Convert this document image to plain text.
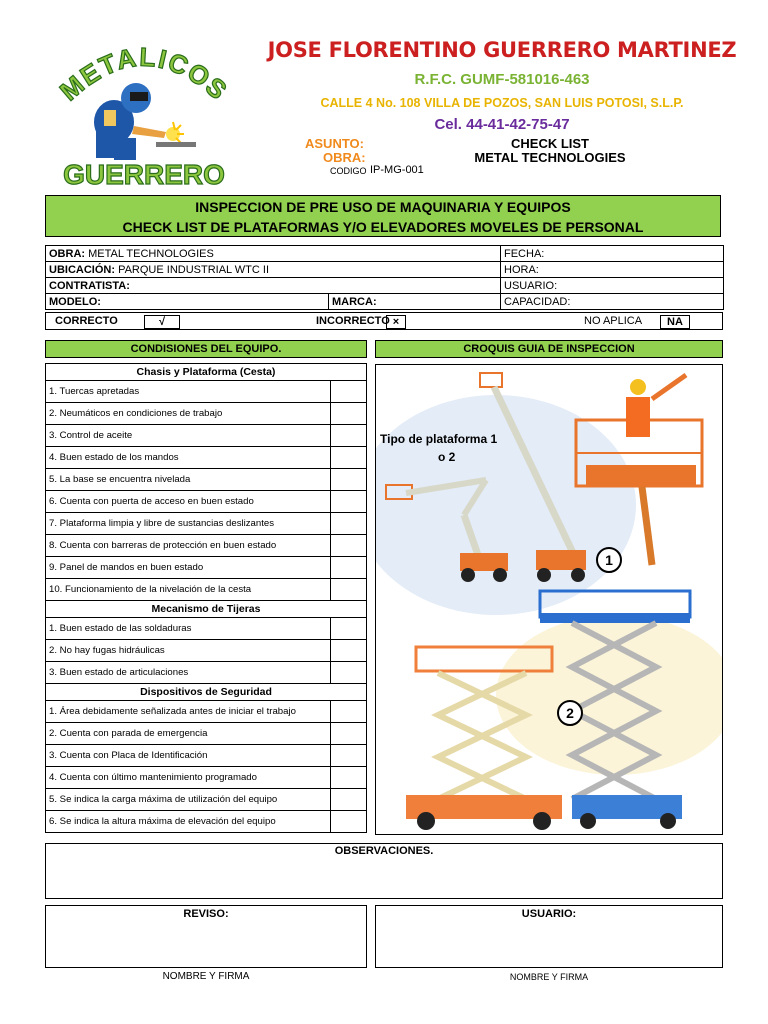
METALICOS
GUERRERO
JOSE FLORENTINO GUERRERO MARTINEZ
R.F.C. GUMF-581016-463
CALLE 4 No. 108 VILLA DE POZOS, SAN LUIS POTOSI, S.L.P.
Cel. 44-41-42-75-47
ASUNTO:
OBRA:
CHECK LIST
METAL TECHNOLOGIES
CODIGO IP-MG-001
INSPECCION DE PRE USO DE MAQUINARIA Y EQUIPOS
CHECK LIST DE PLATAFORMAS Y/O ELEVADORES MOVELES DE PERSONAL
OBRA: METAL TECHNOLOGIES		FECHA:
UBICACIÓN: PARQUE INDUSTRIAL WTC II		HORA:
CONTRATISTA:		USUARIO:
MODELO:	MARCA:	CAPACIDAD:
CORRECTO	√	INCORRECTO ×	NO APLICA	NA
CONDISIONES DEL EQUIPO.	CROQUIS GUIA DE INSPECCION
Chasis y Plataforma (Cesta)	
1. Tuercas apretadas	
2. Neumáticos en condiciones de trabajo	
3. Control de aceite	
4. Buen estado de los mandos	
5. La base se encuentra nivelada	
6. Cuenta con puerta de acceso en buen estado	
7. Plataforma limpia y libre de sustancias deslizantes	
8. Cuenta con barreras de protección en buen estado	
9. Panel de mandos en buen estado	
10. Funcionamiento de la nivelación de la cesta	
Mecanismo de Tijeras	
1. Buen estado de las soldaduras	
2. No hay fugas hidráulicas	
3. Buen estado de articulaciones	
Dispositivos de Seguridad	
1. Área debidamente señalizada antes de iniciar el trabajo	
2. Cuenta con parada de emergencia	
3. Cuenta con Placa de Identificación	
4. Cuenta con último mantenimiento programado	
5. Se indica la carga máxima de utilización del equipo	
6. Se indica la altura máxima de elevación del equipo	
Tipo de plataforma 1
o 2
1
2
OBSERVACIONES.
REVISO:	USUARIO:
NOMBRE Y FIRMA	NOMBRE Y FIRMA
